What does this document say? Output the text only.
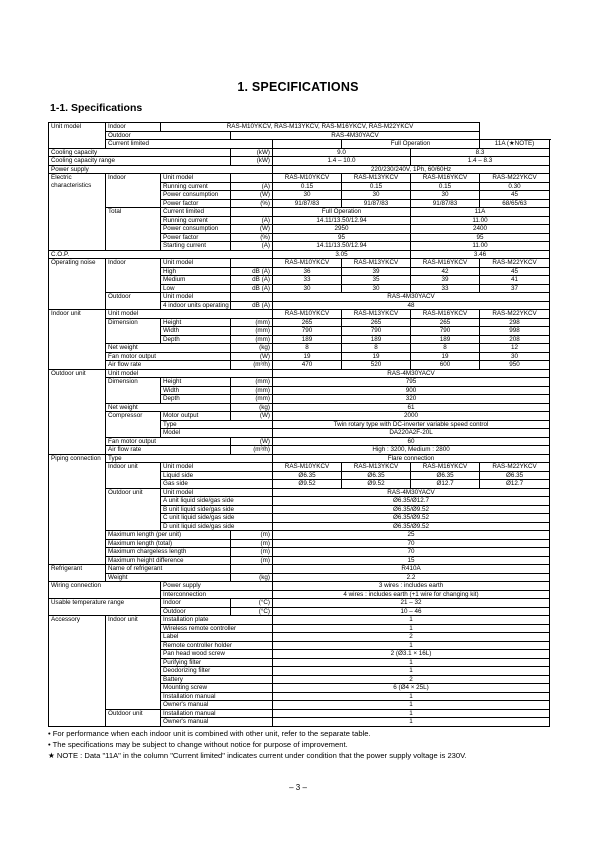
1. SPECIFICATIONS
1-1. Specifications
Unit model	Indoor	RAS-M10YKCV, RAS-M13YKCV, RAS-M16YKCV, RAS-M22YKCV					
	Outdoor		RAS-4M30YACV				
	Current limited				Full Operation		11A (★NOTE)
Cooling capacity			(kW)	9.0		8.3	
Cooling capacity range			(kW)	1.4 – 10.0		1.4 – 8.3	
Power supply				220/230/240V, 1Ph, 60/60Hz			
Electric characteristics	Indoor	Unit model		RAS-M10YKCV	RAS-M13YKCV	RAS-M16YKCV	RAS-M22YKCV
		Running current	(A)	0.15	0.15	0.15	0.30
		Power consumption	(W)	30	30	30	45
		Power factor	(%)	91/87/83	91/87/83	91/87/83	68/65/63
	Total	Current limited		Full Operation		11A	
		Running current	(A)	14.11/13.50/12.94		11.00	
		Power consumption	(W)	2950		2400	
		Power factor	(%)	95		95	
		Starting current	(A)	14.11/13.50/12.94		11.00	
C.O.P.				3.05		3.46	
Operating noise	Indoor	Unit model		RAS-M10YKCV	RAS-M13YKCV	RAS-M16YKCV	RAS-M22YKCV
		High	dB (A)	36	39	42	45
		Medium	dB (A)	33	35	39	41
		Low	dB (A)	30	30	33	37
	Outdoor	Unit model		RAS-4M30YACV			
		4 indoor units operating	dB (A)	48			
Indoor unit	Unit model			RAS-M10YKCV	RAS-M13YKCV	RAS-M16YKCV	RAS-M22YKCV
	Dimension	Height	(mm)	265	265	265	298
		Width	(mm)	790	790	790	998
		Depth	(mm)	189	189	189	208
	Net weight		(kg)	8	8	8	12
	Fan motor output		(W)	19	19	19	30
	Air flow rate		(m³/h)	470	520	600	950
Outdoor unit	Unit model			RAS-4M30YACV			
	Dimension	Height	(mm)	795			
		Width	(mm)	900			
		Depth	(mm)	320			
	Net weight		(kg)	61			
	Compressor	Motor output	(W)	2000			
		Type		Twin rotary type with DC-inverter variable speed control			
		Model		DA220A2F-20L			
	Fan motor output		(W)	60			
	Air flow rate		(m³/h)	High : 3200, Medium : 2800			
Piping connection	Type			Flare connection			
	Indoor unit	Unit model		RAS-M10YKCV	RAS-M13YKCV	RAS-M16YKCV	RAS-M22YKCV
		Liquid side		Ø6.35	Ø6.35	Ø6.35	Ø6.35
		Gas side		Ø9.52	Ø9.52	Ø12.7	Ø12.7
	Outdoor unit	Unit model		RAS-4M30YACV			
		A unit liquid side/gas side		Ø6.35/Ø12.7			
		B unit liquid side/gas side		Ø6.35/Ø9.52			
		C unit liquid side/gas side		Ø6.35/Ø9.52			
		D unit liquid side/gas side		Ø6.35/Ø9.52			
	Maximum length (per unit)		(m)	25			
	Maximum length (total)		(m)	70			
	Maximum chargeless length		(m)	70			
	Maximum height difference		(m)	15			
Refrigerant	Name of refrigerant			R410A			
	Weight		(kg)	2.2			
Wiring connection		Power supply		3 wires : includes earth			
		Interconnection		4 wires : includes earth (+1 wire for changing kit)			
Usable temperature range		Indoor	(°C)	21 – 32			
		Outdoor	(°C)	10 – 46			
Accessory	Indoor unit	Installation plate		1			
		Wireless remote controller		1			
		Label		2			
		Remote controller holder		1			
		Pan head wood screw		2 (Ø3.1 × 16L)			
		Purifying filter		1			
		Deodorizing filter		1			
		Battery		2			
		Mounting screw		6 (Ø4 × 25L)			
		Installation manual		1			
		Owner's manual		1			
	Outdoor unit	Installation manual		1			
		Owner's manual		1			
• For performance when each indoor unit is combined with other unit, refer to the separate table.
• The specifications may be subject to change without notice for purpose of improvement.
★ NOTE : Data "11A" in the column "Current limited" indicates current under condition that the power supply voltage is 230V.
– 3 –
